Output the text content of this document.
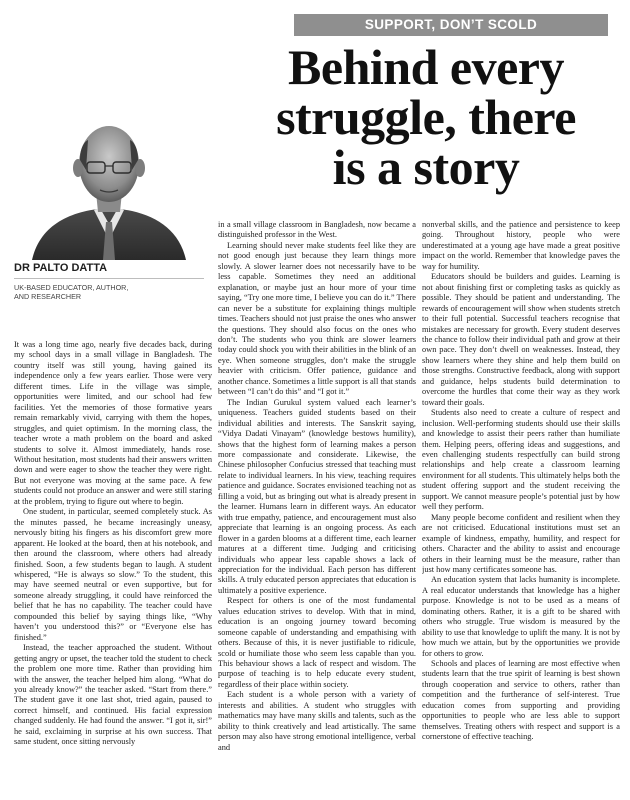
SUPPORT, DON’T SCOLD
Behind every
struggle, there
is a story
DR PALTO DATTA
UK-BASED EDUCATOR, AUTHOR,
AND RESEARCHER

It was a long time ago, nearly five decades back, during my school days in a small village in Bangladesh. The country itself was still young, having gained its independence only a few years earlier. Those were very different times. Life in the village was simple, opportunities were limited, and our school had few facilities. Yet the memories of those formative years remain remarkably vivid, carrying with them the hopes, struggles, and quiet optimism. In the morning class, the teacher wrote a math problem on the board and asked students to solve it. Almost immediately, hands rose. Without hesitation, most students had their answers written down and were eager to show the teacher they were right. But not everyone was moving at the same pace. A few students could not produce an answer and were still staring at the problem, trying to figure out where to begin.

One student, in particular, seemed completely stuck. As the minutes passed, he became increasingly uneasy, nervously biting his fingers as his discomfort grew more apparent. He looked at the board, then at his notebook, and then around the classroom, where others had already finished. Soon, a few students began to laugh. A student whispered, “He is always so slow.” To the student, this may have seemed neutral or even supportive, but for someone already struggling, it could have reinforced the belief that he has no capability. The teacher could have compounded this belief by saying things like, “Why haven’t you understood this?” or “Everyone else has finished.”

Instead, the teacher approached the student. Without getting angry or upset, the teacher told the student to check the problem one more time. Rather than providing him with the answer, the teacher helped him along. “What do you already know?” the teacher asked. “Start from there.” The student gave it one last shot, tried again, paused to correct himself, and continued. His facial expression changed suddenly. He had found the answer. “I got it, sir!” he said, exclaiming in surprise at his own success. That same student, once sitting nervously

in a small village classroom in Bangladesh, now became a distinguished professor in the West.

Learning should never make students feel like they are not good enough just because they learn things more slowly. A slower learner does not necessarily have to be less capable. Sometimes they need an additional explanation, or maybe just an hour more of your time saying, “Try one more time, I believe you can do it.” There can never be a substitute for explaining things multiple times. Teachers should not just praise the ones who answer the questions. They should also focus on the ones who don’t. The students who you think are slower learners today could shock you with their abilities in the blink of an eye. When someone struggles, don’t make the struggle heavier with criticism. Offer patience, guidance and another chance. Sometimes a little support is all that stands between “I can’t do this” and “I got it.”

The Indian Gurukul system valued each learner’s uniqueness. Teachers guided students based on their individual abilities and interests. The Sanskrit saying, “Vidya Dadati Vinayam” (knowledge bestows humility), shows that the highest form of learning makes a person more compassionate and considerate. Likewise, the Chinese philosopher Confucius stressed that teaching must relate to individual learners. In his view, teaching requires patience and guidance. Socrates envisioned teaching not as filling a void, but as bringing out what is already present in the learner. Humans learn in different ways. An educator with true empathy, patience, and encouragement must also appreciate that learning is an ongoing process. As each flower in a garden blooms at a different time, each learner matures at a different time. Judging and criticising individuals who appear less capable shows a lack of appreciation for the individual. Each person has different skills. A truly educated person appreciates that education is ultimately a positive experience.

Respect for others is one of the most fundamental values education strives to develop. With that in mind, education is an ongoing journey toward becoming someone capable of understanding and empathising with others. Because of this, it is never justifiable to ridicule, scold or humiliate those who seem less capable than you. This behaviour shows a lack of respect and wisdom. The purpose of teaching is to help educate every student, regardless of their place within society.

Each student is a whole person with a variety of interests and abilities. A student who struggles with mathematics may have many skills and talents, such as the ability to think creatively and lead artistically. The same person may also have strong emotional intelligence, verbal and

nonverbal skills, and the patience and persistence to keep going. Throughout history, people who were underestimated at a young age have made a great positive impact on the world. Remember that knowledge paves the way for humility.

Educators should be builders and guides. Learning is not about finishing first or completing tasks as quickly as possible. They should be patient and understanding. The rewards of encouragement will show when students stretch to their full potential. Successful teachers recognise that mistakes are necessary for growth. Every student deserves the chance to follow their individual path and grow at their own pace. They don’t dwell on weaknesses. Instead, they show learners where they shine and help them build on those strengths. Constructive feedback, along with support and guidance, helps students build determination to overcome the hurdles that come their way as they work toward their goals.

Students also need to create a culture of respect and inclusion. Well-performing students should use their skills and knowledge to assist their peers rather than humiliate them. Helping peers, offering ideas and suggestions, and even challenging students respectfully can build strong relationships and help create a classroom learning environment for all students. This ultimately helps both the student offering support and the student receiving the support. We cannot measure people’s potential just by how well they perform.

Many people become confident and resilient when they are not criticised. Educational institutions must set an example of kindness, empathy, humility, and respect for others. Character and the ability to assist and encourage others in their learning must be the measure, rather than just how many certificates someone has.

An education system that lacks humanity is incomplete. A real educator understands that knowledge has a higher purpose. Knowledge is not to be used as a means of dominating others. Rather, it is a gift to be shared with others who struggle. True wisdom is measured by the ability to use that knowledge to uplift the many. It is not by how much we attain, but by the opportunities we provide for others to grow.

Schools and places of learning are most effective when students learn that the true spirit of learning is best shown through cooperation and service to others, rather than competition and the furtherance of self-interest. True education comes from supporting and providing opportunities to people who are less able to support themselves. Treating others with respect and support is a cornerstone of effective teaching.
